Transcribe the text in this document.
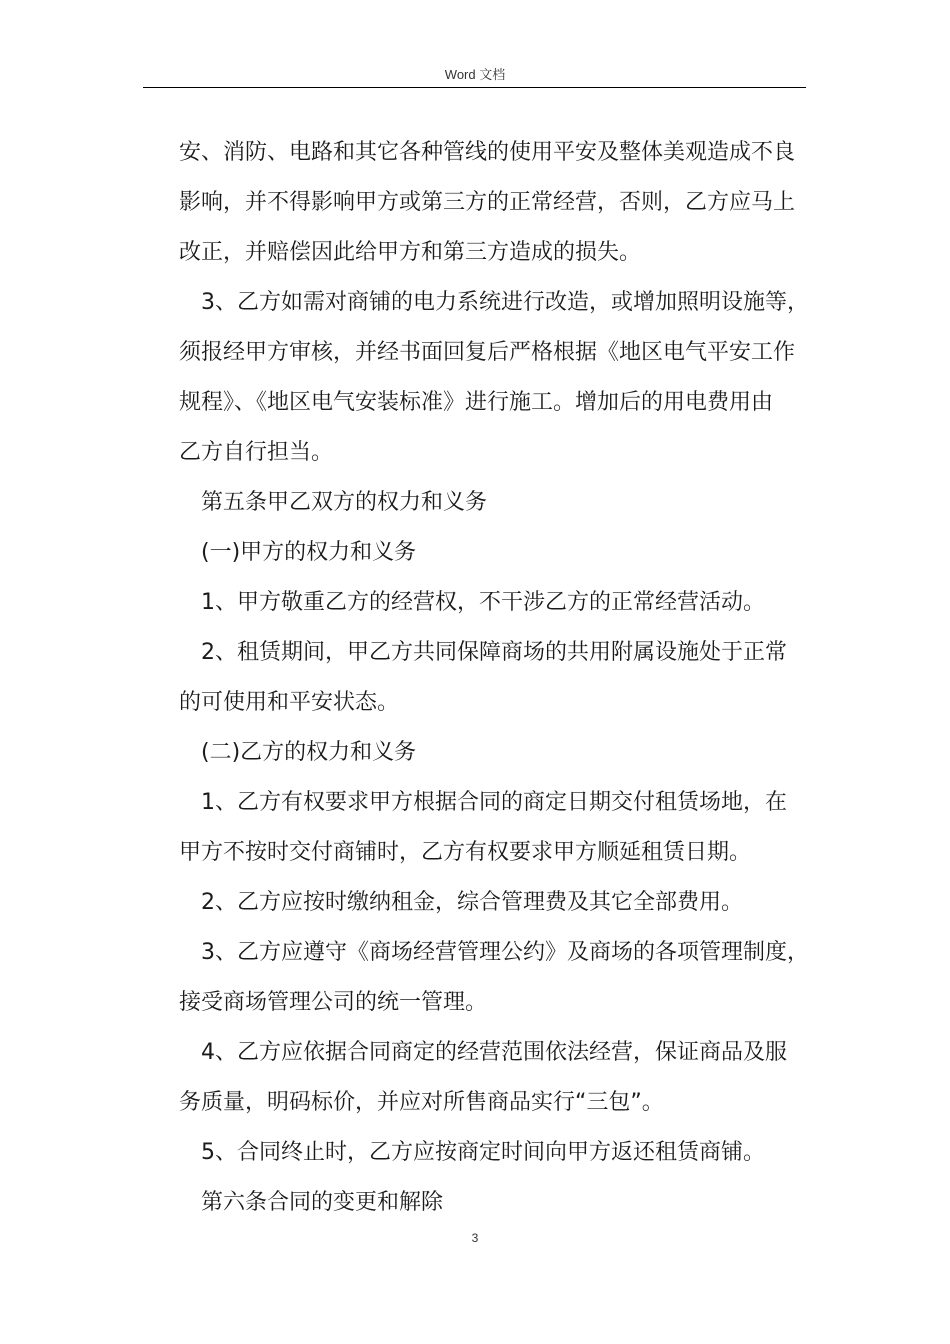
Word 文档
安、消防、电路和其它各种管线的使用平安及整体美观造成不良
影响，并不得影响甲方或第三方的正常经营，否则，乙方应马上
改正，并赔偿因此给甲方和第三方造成的损失。
3、乙方如需对商铺的电力系统进行改造，或增加照明设施等，
须报经甲方审核，并经书面回复后严格根据《地区电气平安工作
规程》、《地区电气安装标准》进行施工。增加后的用电费用由
乙方自行担当。
第五条甲乙双方的权力和义务
(一)甲方的权力和义务
1、甲方敬重乙方的经营权，不干涉乙方的正常经营活动。
2、租赁期间，甲乙方共同保障商场的共用附属设施处于正常
的可使用和平安状态。
(二)乙方的权力和义务
1、乙方有权要求甲方根据合同的商定日期交付租赁场地，在
甲方不按时交付商铺时，乙方有权要求甲方顺延租赁日期。
2、乙方应按时缴纳租金，综合管理费及其它全部费用。
3、乙方应遵守《商场经营管理公约》及商场的各项管理制度，
接受商场管理公司的统一管理。
4、乙方应依据合同商定的经营范围依法经营，保证商品及服
务质量，明码标价，并应对所售商品实行“三包”。
5、合同终止时，乙方应按商定时间向甲方返还租赁商铺。
第六条合同的变更和解除
3
